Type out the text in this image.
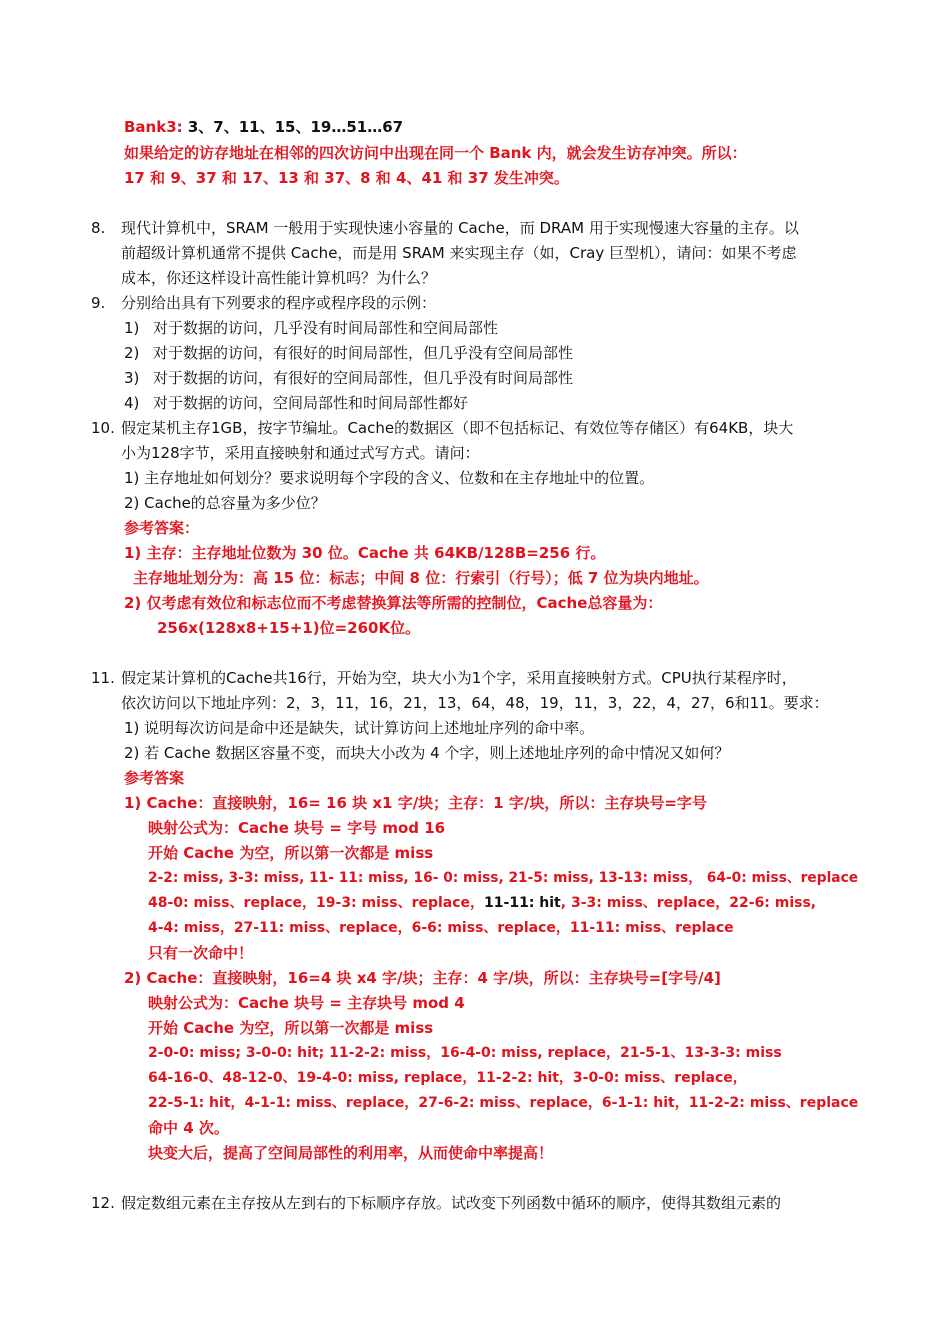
Bank3: 3、7、11、15、19…51…67
如果给定的访存地址在相邻的四次访问中出现在同一个 Bank 内，就会发生访存冲突。所以：
17 和 9、37 和 17、13 和 37、8 和 4、41 和 37 发生冲突。
8. 现代计算机中，SRAM 一般用于实现快速小容量的 Cache，而 DRAM 用于实现慢速大容量的主存。以
前超级计算机通常不提供 Cache，而是用 SRAM 来实现主存（如，Cray 巨型机），请问：如果不考虑
成本，你还这样设计高性能计算机吗？为什么？
9. 分别给出具有下列要求的程序或程序段的示例：
1) 对于数据的访问，几乎没有时间局部性和空间局部性
2) 对于数据的访问，有很好的时间局部性，但几乎没有空间局部性
3) 对于数据的访问，有很好的空间局部性，但几乎没有时间局部性
4) 对于数据的访问，空间局部性和时间局部性都好
10. 假定某机主存1GB，按字节编址。Cache的数据区（即不包括标记、有效位等存储区）有64KB，块大
小为128字节，采用直接映射和通过式写方式。请问：
1) 主存地址如何划分？要求说明每个字段的含义、位数和在主存地址中的位置。
2) Cache的总容量为多少位？
参考答案：
1) 主存：主存地址位数为 30 位。Cache 共 64KB/128B=256 行。
主存地址划分为：高 15 位：标志；中间 8 位：行索引（行号）；低 7 位为块内地址。
2) 仅考虑有效位和标志位而不考虑替换算法等所需的控制位，Cache总容量为：
256x(128x8+15+1)位=260K位。
11. 假定某计算机的Cache共16行，开始为空，块大小为1个字，采用直接映射方式。CPU执行某程序时，
依次访问以下地址序列：2，3，11，16，21，13，64，48，19，11，3，22，4，27，6和11。要求：
1) 说明每次访问是命中还是缺失，试计算访问上述地址序列的命中率。
2) 若 Cache 数据区容量不变，而块大小改为 4 个字，则上述地址序列的命中情况又如何？
参考答案
1) Cache：直接映射，16= 16 块 x1 字/块；主存：1 字/块，所以：主存块号=字号
映射公式为：Cache 块号 = 字号 mod 16
开始 Cache 为空，所以第一次都是 miss
2-2: miss, 3-3: miss, 11- 11: miss, 16- 0: miss, 21-5: miss, 13-13: miss， 64-0: miss、replace
48-0: miss、replace，19-3: miss、replace，11-11: hit, 3-3: miss、replace，22-6: miss,
4-4: miss，27-11: miss、replace，6-6: miss、replace，11-11: miss、replace
只有一次命中！
2) Cache：直接映射，16=4 块 x4 字/块；主存：4 字/块，所以：主存块号=[字号/4]
映射公式为：Cache 块号 = 主存块号 mod 4
开始 Cache 为空，所以第一次都是 miss
2-0-0: miss; 3-0-0: hit; 11-2-2: miss，16-4-0: miss, replace，21-5-1、13-3-3: miss
64-16-0、48-12-0、19-4-0: miss, replace，11-2-2: hit，3-0-0: miss、replace，
22-5-1: hit，4-1-1: miss、replace，27-6-2: miss、replace，6-1-1: hit，11-2-2: miss、replace
命中 4 次。
块变大后，提高了空间局部性的利用率，从而使命中率提高！
12. 假定数组元素在主存按从左到右的下标顺序存放。试改变下列函数中循环的顺序，使得其数组元素的
